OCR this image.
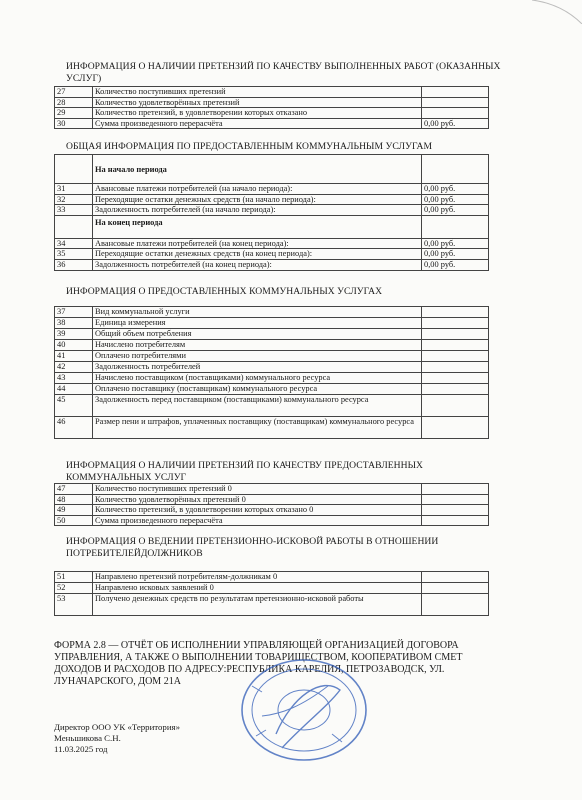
ИНФОРМАЦИЯ О НАЛИЧИИ ПРЕТЕНЗИЙ ПО КАЧЕСТВУ ВЫПОЛНЕННЫХ РАБОТ (ОКАЗАННЫХ УСЛУГ)
27	Количество поступивших претензий	
28	Количество удовлетворённых претензий	
29	Количество претензий, в удовлетворении которых отказано	
30	Сумма произведенного перерасчёта	0,00 руб.
ОБЩАЯ ИНФОРМАЦИЯ ПО ПРЕДОСТАВЛЕННЫМ КОММУНАЛЬНЫМ УСЛУГАМ
	На начало периода	
31	Авансовые платежи потребителей (на начало периода):	0,00 руб.
32	Переходящие остатки денежных средств (на начало периода):	0,00 руб.
33	Задолженность потребителей (на начало периода):	0,00 руб.
	На конец периода	
34	Авансовые платежи потребителей (на конец периода):	0,00 руб.
35	Переходящие остатки денежных средств (на конец периода):	0,00 руб.
36	Задолженность потребителей (на конец периода):	0,00 руб.
ИНФОРМАЦИЯ О ПРЕДОСТАВЛЕННЫХ КОММУНАЛЬНЫХ УСЛУГАХ
37	Вид коммунальной услуги	
38	Единица измерения	
39	Общий объем потребления	
40	Начислено потребителям	
41	Оплачено потребителями	
42	Задолженность потребителей	
43	Начислено поставщиком (поставщиками) коммунального ресурса	
44	Оплачено поставщику (поставщикам) коммунального ресурса	
45	Задолженность перед поставщиком (поставщиками) коммунального ресурса	
46	Размер пени и штрафов, уплаченных поставщику (поставщикам) коммунального ресурса	
ИНФОРМАЦИЯ О НАЛИЧИИ ПРЕТЕНЗИЙ ПО КАЧЕСТВУ ПРЕДОСТАВЛЕННЫХ КОММУНАЛЬНЫХ УСЛУГ
47	Количество поступивших претензий 0	
48	Количество удовлетворённых претензий 0	
49	Количество претензий, в удовлетворении которых отказано 0	
50	Сумма произведенного перерасчёта	
ИНФОРМАЦИЯ О ВЕДЕНИИ ПРЕТЕНЗИОННО-ИСКОВОЙ РАБОТЫ В ОТНОШЕНИИ ПОТРЕБИТЕЛЕЙДОЛЖНИКОВ
51	Направлено претензий потребителям-должникам 0	
52	Направлено исковых заявлений 0	
53	Получено денежных средств по результатам претензионно-исковой работы	
ФОРМА 2.8 — ОТЧЁТ ОБ ИСПОЛНЕНИИ УПРАВЛЯЮЩЕЙ ОРГАНИЗАЦИЕЙ ДОГОВОРА УПРАВЛЕНИЯ, А ТАКЖЕ О ВЫПОЛНЕНИИ ТОВАРИЩЕСТВОМ, КООПЕРАТИВОМ СМЕТ ДОХОДОВ И РАСХОДОВ ПО АДРЕСУ:РЕСПУБЛИКА КАРЕЛИЯ, ПЕТРОЗАВОДСК, УЛ. ЛУНАЧАРСКОГО, ДОМ 21А
Директор ООО УК «Территория»
Меньшикова С.Н.
11.03.2025 год
